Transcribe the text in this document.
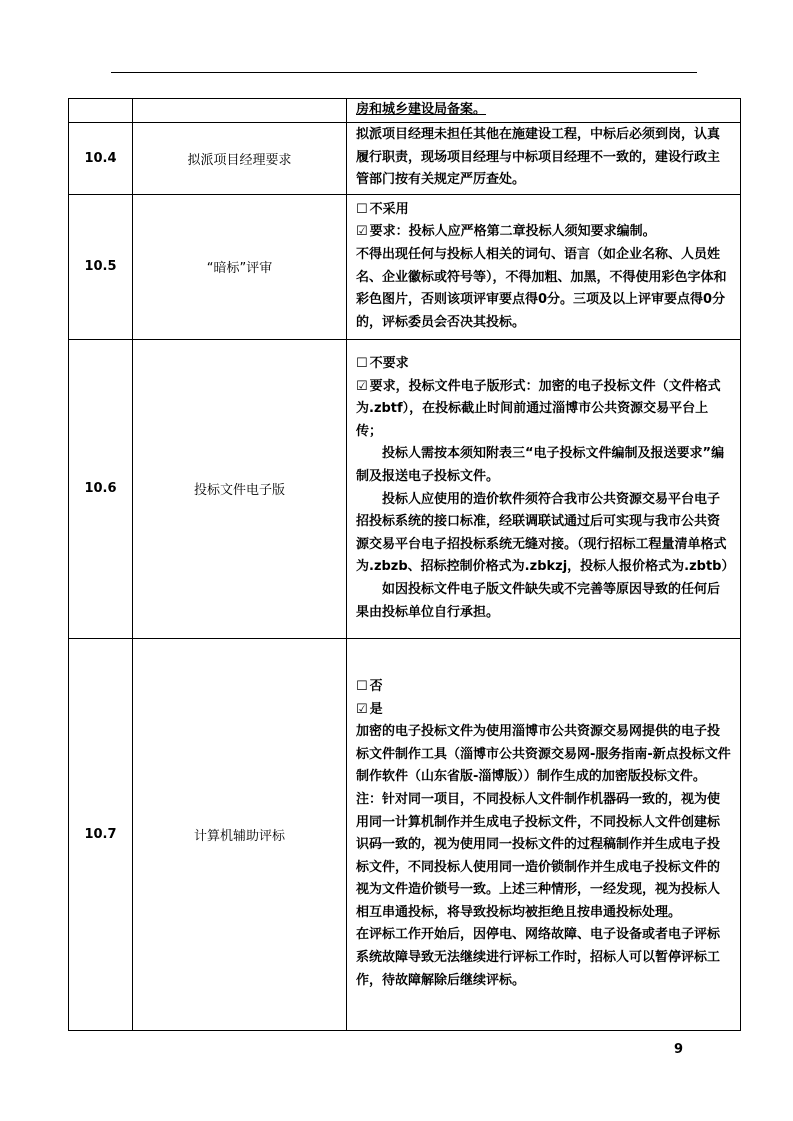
		房和城乡建设局备案。

10.4	拟派项目经理要求	拟派项目经理未担任其他在施建设工程，中标后必须到岗，认真履行职责，现场项目经理与中标项目经理不一致的，建设行政主管部门按有关规定严厉查处。

10.5	“暗标”评审	☐ 不采用
☑ 要求：投标人应严格第二章投标人须知要求编制。
不得出现任何与投标人相关的词句、语言（如企业名称、人员姓名、企业徽标或符号等），不得加粗、加黑，不得使用彩色字体和彩色图片，否则该项评审要点得0分。三项及以上评审要点得0分的，评标委员会否决其投标。

10.6	投标文件电子版	☐ 不要求
☑ 要求，投标文件电子版形式：加密的电子投标文件（文件格式为.zbtf），在投标截止时间前通过淄博市公共资源交易平台上传；
投标人需按本须知附表三“电子投标文件编制及报送要求”编制及报送电子投标文件。
投标人应使用的造价软件须符合我市公共资源交易平台电子招投标系统的接口标准，经联调联试通过后可实现与我市公共资源交易平台电子招投标系统无缝对接。（现行招标工程量清单格式为.zbzb、招标控制价格式为.zbkzj，投标人报价格式为.zbtb）
如因投标文件电子版文件缺失或不完善等原因导致的任何后果由投标单位自行承担。

10.7	计算机辅助评标	☐ 否
☑ 是
加密的电子投标文件为使用淄博市公共资源交易网提供的电子投标文件制作工具（淄博市公共资源交易网-服务指南-新点投标文件制作软件（山东省版-淄博版））制作生成的加密版投标文件。
注：针对同一项目，不同投标人文件制作机器码一致的，视为使用同一计算机制作并生成电子投标文件，不同投标人文件创建标识码一致的，视为使用同一投标文件的过程稿制作并生成电子投标文件，不同投标人使用同一造价锁制作并生成电子投标文件的视为文件造价锁号一致。上述三种情形，一经发现，视为投标人相互串通投标，将导致投标均被拒绝且按串通投标处理。
在评标工作开始后，因停电、网络故障、电子设备或者电子评标系统故障导致无法继续进行评标工作时，招标人可以暂停评标工作，待故障解除后继续评标。
9
